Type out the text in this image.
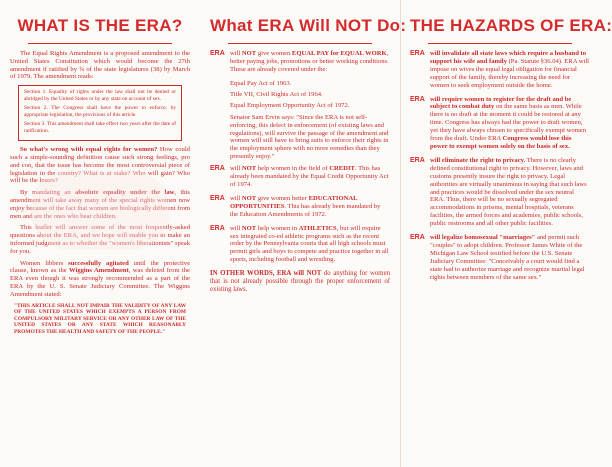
WHAT IS THE ERA?

The Equal Rights Amendment is a proposed amendment to the United States Constitution which would become the 27th amendment if ratified by ¾ of the state legislatures (38) by March of 1979. The amendment reads:

Section 1. Equality of rights under the law shall not be denied or abridged by the United States or by any state on account of sex.

Section 2. The Congress shall have the power to enforce, by appropriate legislation, the provisions of this article.

Section 3. This amendment shall take effect two years after the date of ratification.

So what's wrong with equal rights for women? How could such a simple-sounding definition cause such strong feelings, pro and con, that the issue has become the most controversial piece of legislation in the country? What is at stake? Who will gain? Who will be the losers?

By mandating an absolute equality under the law, this amendment will take away many of the special rights women now enjoy because of the fact that women are biologically different from men and are the ones who bear children.

This leaflet will answer some of the most frequently-asked questions about the ERA, and we hope will enable you to make an informed judgment as to whether the "women's liberationists" speak for you.

Women libbers successfully agitated until the protective clause, known as the Wiggins Amendment, was deleted from the ERA even though it was strongly recommended as a part of the ERA by the U. S. Senate Judiciary Committee. The Wiggins Amendment stated:

"THIS ARTICLE SHALL NOT IMPAIR THE VALIDITY OF ANY LAW OF THE UNITED STATES WHICH EXEMPTS A PERSON FROM COMPULSORY MILITARY SERVICE OR ANY OTHER LAW OF THE UNITED STATES OR ANY STATE WHICH REASONABLY PROMOTES THE HEALTH AND SAFETY OF THE PEOPLE."
What ERA Will NOT Do:
ERA will NOT give women EQUAL PAY for EQUAL WORK, better paying jobs, promotions or better working conditions. These are already covered under the:
Equal Pay Act of 1963.
Title VII, Civil Rights Act of 1964.
Equal Employment Opportunity Act of 1972.
Senator Sam Ervin says: "Since the ERA is not self-enforcing, this defect in enforcement (of existing laws and regulations), will survive the passage of the amendment and women will still have to bring suits to enforce their rights in the employment sphere with no more remedies than they presently enjoy."
ERA will NOT help women in the field of CREDIT. This has already been mandated by the Equal Credit Opportunity Act of 1974.
ERA will NOT give women better EDUCATIONAL OPPORTUNITIES. This has already been mandated by the Education Amendments of 1972.
ERA will NOT help women in ATHLETICS, but will require sex integrated co-ed athletic programs such as the recent order by the Pennsylvania courts that all high schools must permit girls and boys to compete and practice together in all sports, including football and wrestling.

IN OTHER WORDS, ERA will NOT do anything for women that is not already possible through the proper enforcement of existing laws.

THE HAZARDS OF ERA:
ERA will invalidate all state laws which require a husband to support his wife and family (Pa. Statute §36.04). ERA will impose on wives the equal legal obligation for financial support of the family, thereby increasing the need for women to seek employment outside the home.
ERA will require women to register for the draft and be subject to combat duty on the same basis as men. While there is no draft at the moment it could be restored at any time. Congress has always had the power to draft women, yet they have always chosen to specifically exempt women from the draft. Under ERA Congress would lose this power to exempt women solely on the basis of sex.
ERA will eliminate the right to privacy. There is no clearly defined constitutional right to privacy. However, laws and customs presently insure the right to privacy. Legal authorities are virtually unanimous in saying that such laws and practices would be dissolved under the sex neutral ERA. Thus, there will be no sexually segregated accommodations in prisons, mental hospitals, veterans facilities, the armed forces and academies, public schools, public restrooms and all other public facilities.
ERA will legalize homosexual "marriages" and permit such "couples" to adopt children. Professor James White of the Michigan Law School testified before the U.S. Senate Judiciary Committee: "Conceivably a court would find a state had to authorize marriage and recognize marital legal rights between members of the same sex."
